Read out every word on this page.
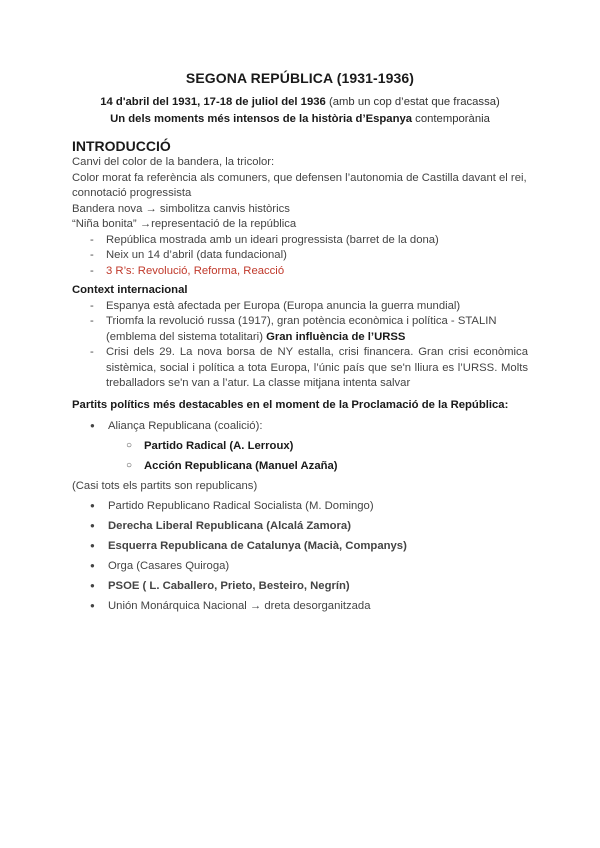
SEGONA REPÚBLICA (1931-1936)
14 d'abril del 1931, 17-18 de juliol del 1936 (amb un cop d’estat que fracassa)
Un dels moments més intensos de la història d’Espanya contemporània
INTRODUCCIÓ
Canvi del color de la bandera, la tricolor:
Color morat fa referència als comuners, que defensen l’autonomia de Castilla davant el rei, connotació progressista
Bandera nova → simbolitza canvis històrics
“Niña bonita” →representació de la república
- República mostrada amb un ideari progressista (barret de la dona)
- Neix un 14 d’abril (data fundacional)
- 3 R’s: Revolució, Reforma, Reacció
Context internacional
- Espanya està afectada per Europa (Europa anuncia la guerra mundial)
- Triomfa la revolució russa (1917), gran potència econòmica i política - STALIN (emblema del sistema totalitari) Gran influència de l’URSS
- Crisi dels 29. La nova borsa de NY estalla, crisi financera. Gran crisi econòmica sistèmica, social i política a tota Europa, l’únic país que se'n lliura es l’URSS. Molts treballadors se'n van a l’atur. La classe mitjana intenta salvar
Partits polítics més destacables en el moment de la Proclamació de la República:
● Aliança Republicana (coalició):
○ Partido Radical (A. Lerroux)
○ Acción Republicana (Manuel Azaña)
(Casi tots els partits son republicans)
● Partido Republicano Radical Socialista (M. Domingo)
● Derecha Liberal Republicana (Alcalá Zamora)
● Esquerra Republicana de Catalunya (Macià, Companys)
● Orga (Casares Quiroga)
● PSOE ( L. Caballero, Prieto, Besteiro, Negrín)
● Unión Monárquica Nacional → dreta desorganitzada
